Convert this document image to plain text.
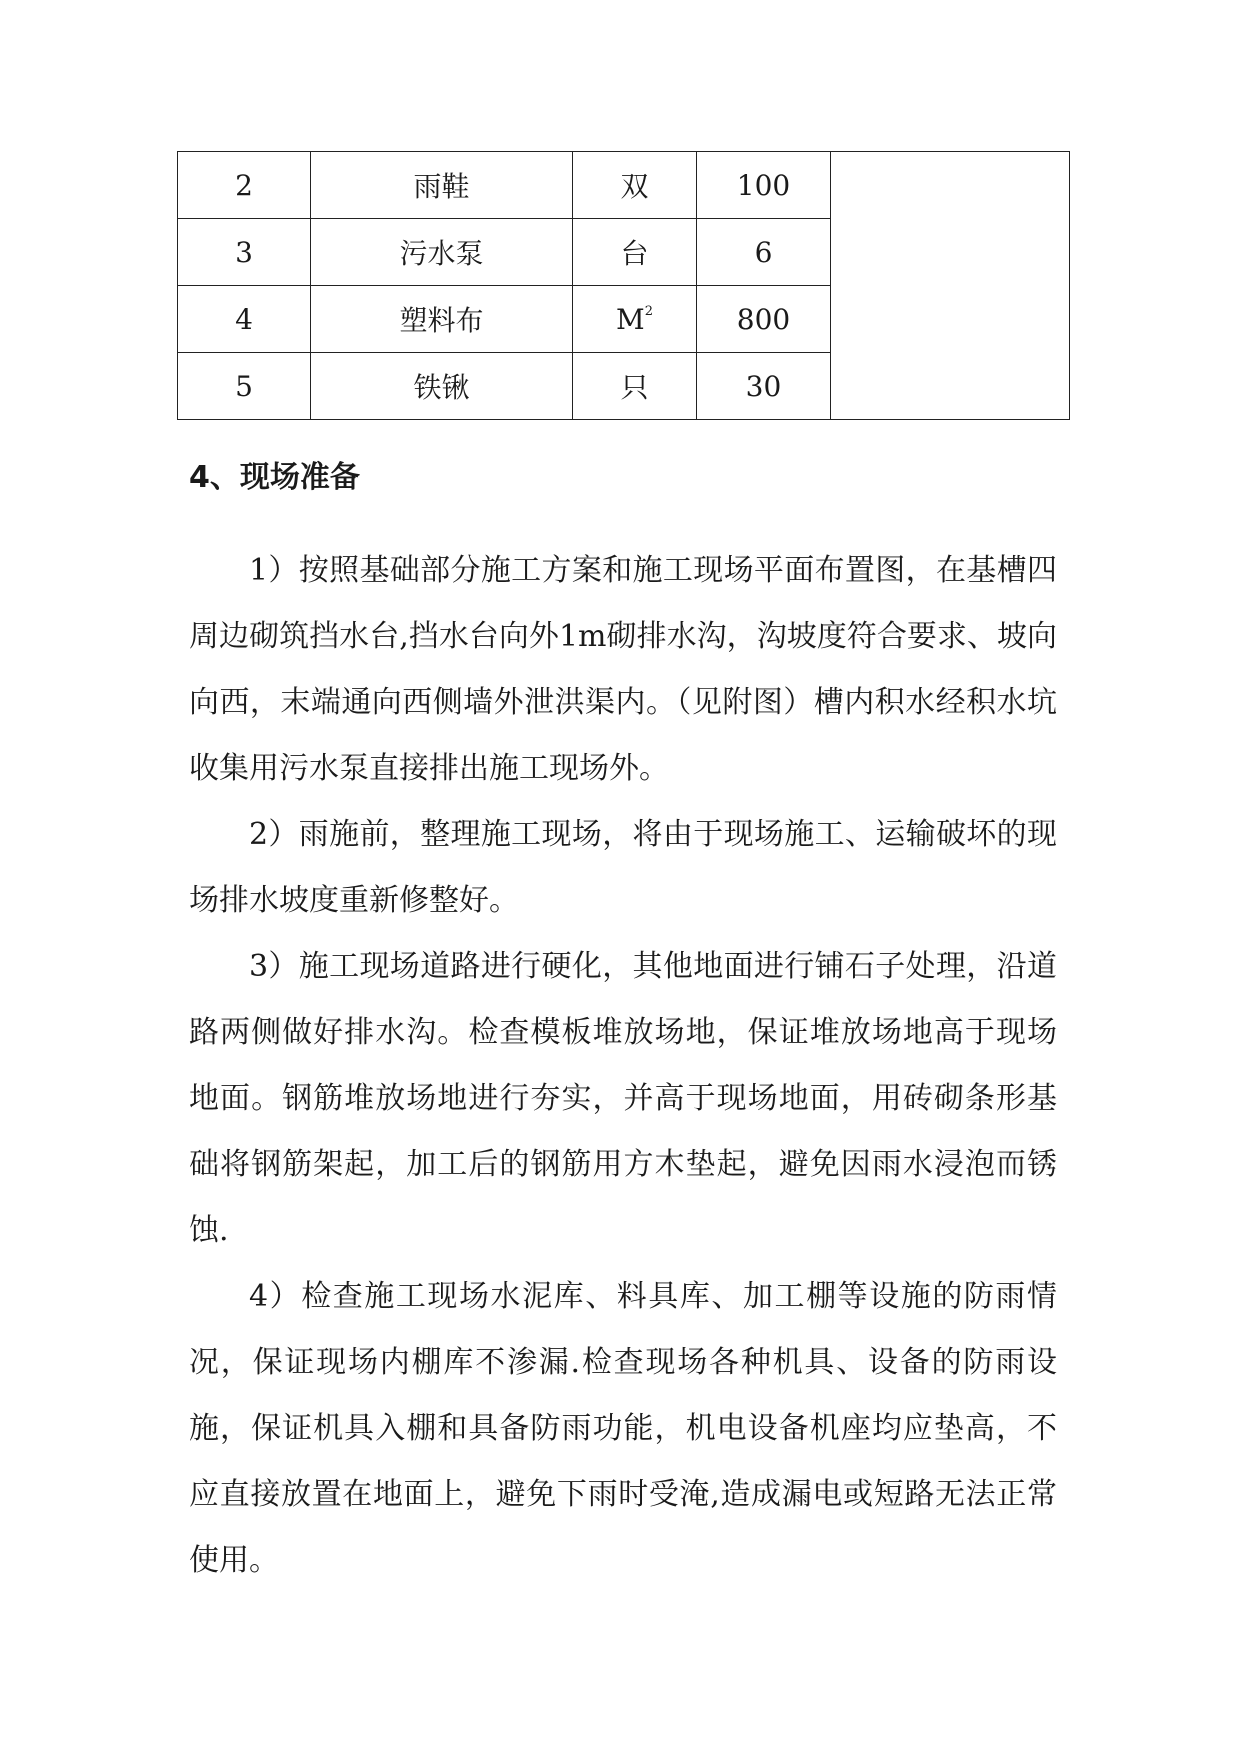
2	雨鞋	双	100	
3	污水泵	台	6	
4	塑料布	$M^2$	800	
5	铁锹	只	30	
4、现场准备

1）按照基础部分施工方案和施工现场平面布置图，在基槽四周边砌筑挡水台,挡水台向外1m砌排水沟，沟坡度符合要求、坡向向西，末端通向西侧墙外泄洪渠内。（见附图）槽内积水经积水坑收集用污水泵直接排出施工现场外。

2）雨施前，整理施工现场，将由于现场施工、运输破坏的现场排水坡度重新修整好。

3）施工现场道路进行硬化，其他地面进行铺石子处理，沿道路两侧做好排水沟。检查模板堆放场地，保证堆放场地高于现场地面。钢筋堆放场地进行夯实，并高于现场地面，用砖砌条形基础将钢筋架起，加工后的钢筋用方木垫起，避免因雨水浸泡而锈蚀.

4）检查施工现场水泥库、料具库、加工棚等设施的防雨情况，保证现场内棚库不渗漏.检查现场各种机具、设备的防雨设施，保证机具入棚和具备防雨功能，机电设备机座均应垫高，不应直接放置在地面上，避免下雨时受淹,造成漏电或短路无法正常使用。
